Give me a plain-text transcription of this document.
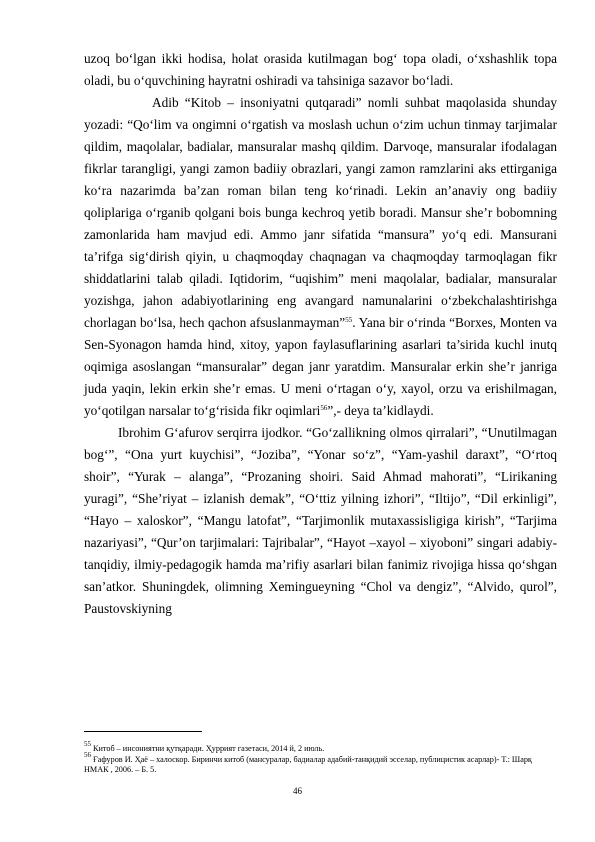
uzoq bo‘lgan ikki hodisa, holat orasida kutilmagan bog‘ topa oladi, o‘xshashlik topa oladi, bu o‘quvchining hayratni oshiradi va tahsiniga sazavor bo‘ladi.

Adib “Kitob – insoniyatni qutqaradi” nomli suhbat maqolasida shunday yozadi: “Qo‘lim va ongimni o‘rgatish va moslash uchun o‘zim uchun tinmay tarjimalar qildim, maqolalar, badialar, mansuralar mashq qildim. Darvoqe, mansuralar ifodalagan fikrlar tarangligi, yangi zamon badiiy obrazlari, yangi zamon ramzlarini aks ettirganiga ko‘ra nazarimda ba’zan roman bilan teng ko‘rinadi. Lekin an’anaviy ong badiiy qoliplariga o‘rganib qolgani bois bunga kechroq yetib boradi. Mansur she’r bobomning zamonlarida ham mavjud edi. Ammo janr sifatida “mansura” yo‘q edi. Mansurani ta’rifga sig‘dirish qiyin, u chaqmoqday chaqnagan va chaqmoqday tarmoqlagan fikr shiddatlarini talab qiladi. Iqtidorim, “uqishim” meni maqolalar, badialar, mansuralar yozishga, jahon adabiyotlarining eng avangard namunalarini o‘zbekchalashtirishga chorlagan bo‘lsa, hech qachon afsuslanmayman”$^{55}$. Yana bir o‘rinda “Borxes, Monten va Sen-Syonagon hamda hind, xitoy, yapon faylasuflarining asarlari ta’sirida kuchl inutq oqimiga asoslangan “mansuralar” degan janr yaratdim. Mansuralar erkin she’r janriga juda yaqin, lekin erkin she’r emas. U meni o‘rtagan o‘y, xayol, orzu va erishilmagan, yo‘qotilgan narsalar to‘g‘risida fikr oqimlari$^{56}$”,- deya ta’kidlaydi.

Ibrohim G‘afurov serqirra ijodkor. “Go‘zallikning olmos qirralari”, “Unutilmagan bog‘”, “Ona yurt kuychisi”, “Joziba”, “Yonar so‘z”, “Yam-yashil daraxt”, “O‘rtoq shoir”, “Yurak – alanga”, “Prozaning shoiri. Said Ahmad mahorati”, “Lirikaning yuragi”, “She’riyat – izlanish demak”, “O‘ttiz yilning izhori”, “Iltijo”, “Dil erkinligi”, “Hayo – xaloskor”, “Mangu latofat”, “Tarjimonlik mutaxassisligiga kirish”, “Tarjima nazariyasi”, “Qur’on tarjimalari: Tajribalar”, “Hayot –xayol – xiyoboni” singari adabiy-tanqidiy, ilmiy-pedagogik hamda ma’rifiy asarlari bilan fanimiz rivojiga hissa qo‘shgan san’atkor. Shuningdek, olimning Xemingueyning “Chol va dengiz”, “Alvido, qurol”, Paustovskiyning

$^{55}$ Китоб – инсониятни қутқаради. Ҳуррият газетаси, 2014 й, 2 июль.

$^{56}$ Ғафуров И. Ҳаё – халоскор. Биринчи китоб (мансуралар, бадиалар адабий-танқидий эсселар, публицистик асарлар)- Т.: Шарқ НМАК , 2006. – Б. 5.

46
